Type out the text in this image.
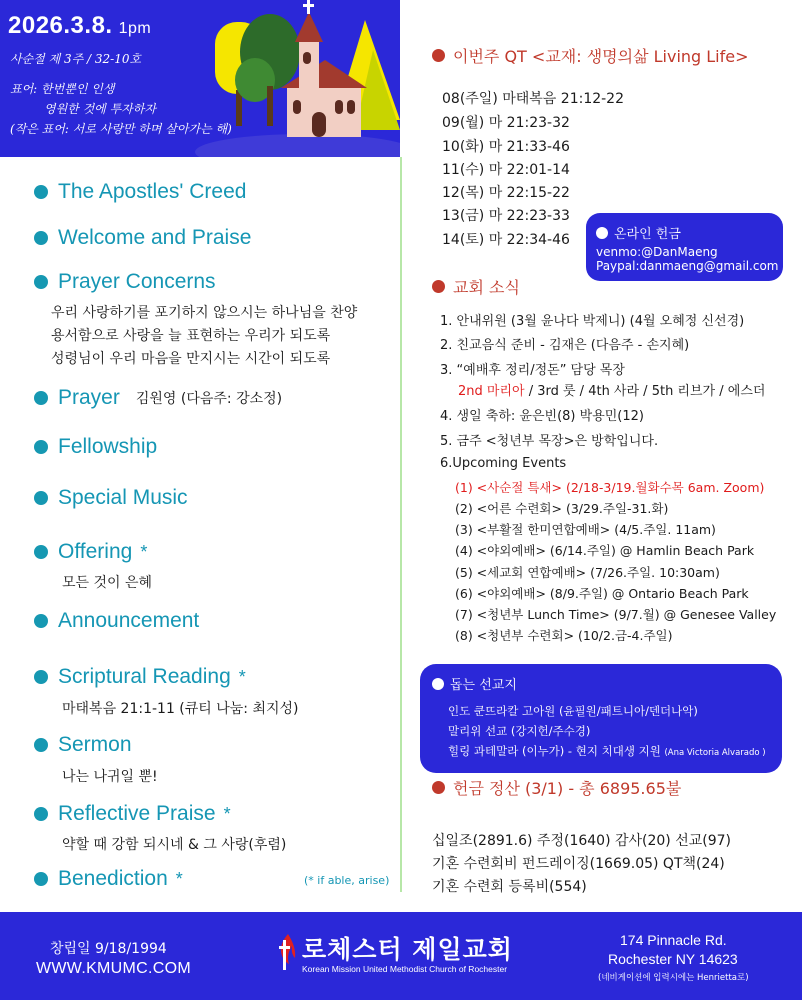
2026.3.8. 1pm
사순절 제 3주 / 32-10호
표어: 한번뿐인 인생
영원한 것에 투자하자
(작은 표어: 서로 사랑만 하며 살아가는 해)
The Apostles' Creed
Welcome and Praise
Prayer Concerns
우리 사랑하기를 포기하지 않으시는 하나님을 찬양
용서함으로 사랑을 늘 표현하는 우리가 되도록
성령님이 우리 마음을 만지시는 시간이 되도록
Prayer 김원영 (다음주: 강소정)
Fellowship
Special Music
Offering *
모든 것이 은혜
Announcement
Scriptural Reading *
마태복음 21:1-11 (큐티 나눔: 최지성)
Sermon
나는 나귀일 뿐!
Reflective Praise *
약할 때 강함 되시네 & 그 사랑(후렴)
Benediction *	(* if able, arise)
이번주 QT <교재: 생명의삶 Living Life>
08(주일) 마태복음 21:12-22
09(월) 마 21:23-32
10(화) 마 21:33-46
11(수) 마 22:01-14
12(목) 마 22:15-22
13(금) 마 22:23-33
14(토) 마 22:34-46	온라인 헌금
venmo:@DanMaeng
Paypal:danmaeng@gmail.com
교회 소식
1. 안내위원 (3월 윤나다 박제니) (4월 오혜정 신선경)
2. 친교음식 준비 - 김재은 (다음주 - 손지혜)
3. “예배후 정리/정돈” 담당 목장
2nd 마리아 / 3rd 룻 / 4th 사라 / 5th 리브가 / 에스더
4. 생일 축하: 윤은빈(8) 박용민(12)
5. 금주 <청년부 목장>은 방학입니다.
6.Upcoming Events
(1) <사순절 특새> (2/18-3/19.월화수목 6am. Zoom)
(2) <어른 수련회> (3/29.주일-31.화)
(3) <부활절 한미연합예배> (4/5.주일. 11am)
(4) <야외예배> (6/14.주일) @ Hamlin Beach Park
(5) <세교회 연합예배> (7/26.주일. 10:30am)
(6) <야외예배> (8/9.주일) @ Ontario Beach Park
(7) <청년부 Lunch Time> (9/7.월) @ Genesee Valley
(8) <청년부 수련회> (10/2.금-4.주일)
돕는 선교지
인도 쿤뜨라칼 고아원 (윤필원/패트니아/덴더나악)
말리위 선교 (강지헌/주수경)
힐링 과테말라 (이누가) - 현지 치대생 지원 (Ana Victoria Alvarado )
헌금 정산 (3/1) - 총 6895.65불
십일조(2891.6) 주정(1640) 감사(20) 선교(97)
기혼 수련회비 펀드레이징(1669.05) QT책(24)
기혼 수련회 등록비(554)
창립일 9/18/1994
WWW.KMUMC.COM
로체스터 제일교회
Korean Mission United Methodist Church of Rochester
174 Pinnacle Rd.
Rochester NY 14623
(네비게이션에 입력시에는 Henrietta로)
